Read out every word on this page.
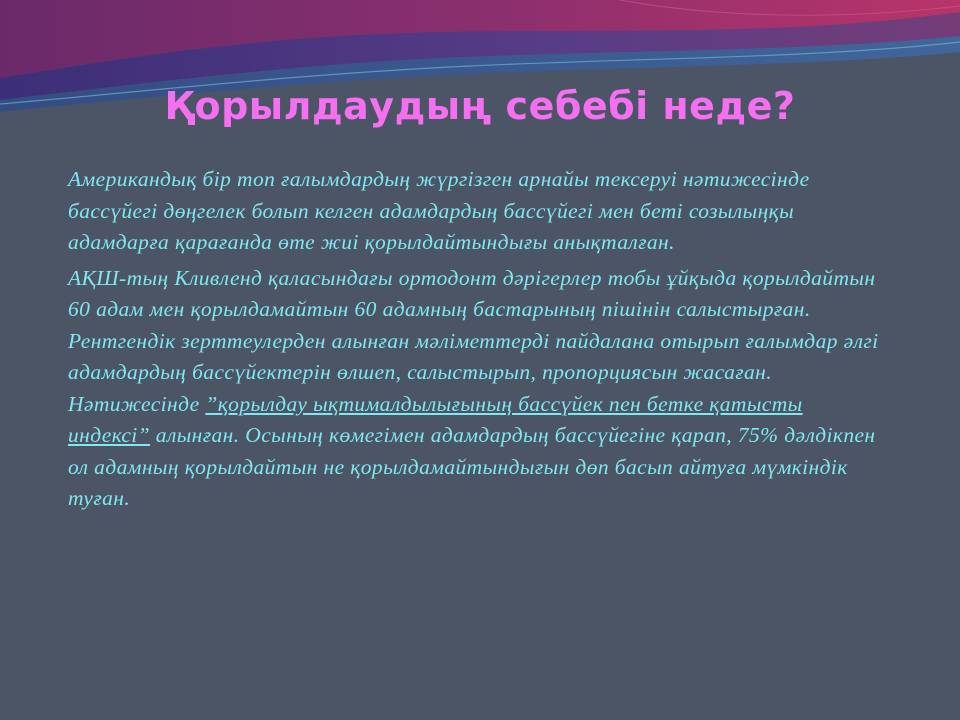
Қорылдаудың себебі неде?

Американдық бір топ ғалымдардың жүргізген арнайы тексеруі нәтижесінде бассүйегі дөңгелек болып келген адамдардың бассүйегі мен беті созылыңқы адамдарға қарағанда өте жиі қорылдайтындығы анықталған.

АҚШ-тың Кливленд қаласындағы ортодонт дәрігерлер тобы ұйқыда қорылдайтын 60 адам мен қорылдамайтын 60 адамның бастарының пішінін салыстырған. Рентгендік зерттеулерден алынған мәліметтерді пайдалана отырып ғалымдар әлгі адамдардың бассүйектерін өлшеп, салыстырып, пропорциясын жасаған. Нәтижесінде ”қорылдау ықтималдылығының бассүйек пен бетке қатысты индексі” алынған. Осының көмегімен адамдардың бассүйегіне қарап, 75% дәлдікпен ол адамның қорылдайтын не қорылдамайтындығын дөп басып айтуға мүмкіндік туған.
